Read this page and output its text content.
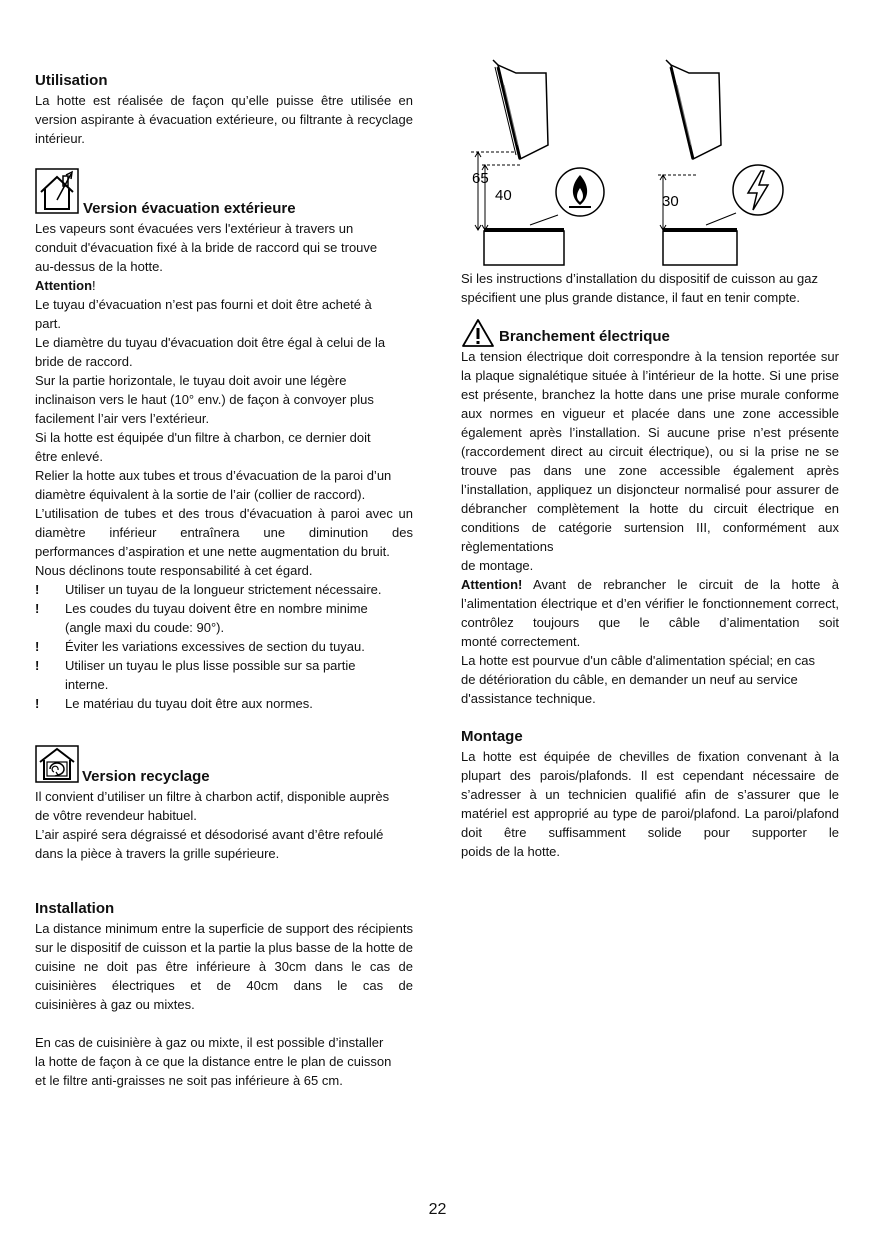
Utilisation

La hotte est réalisée de façon qu’elle puisse être utilisée en version aspirante à évacuation extérieure, ou filtrante à recyclage intérieur.

Version évacuation extérieure

Les vapeurs sont évacuées vers l'extérieur à travers un

conduit d'évacuation fixé à la bride de raccord qui se trouve

au-dessus de la hotte.

Attention!

Le tuyau d’évacuation n’est pas fourni et doit être acheté à

part.

Le diamètre du tuyau d'évacuation doit être égal à celui de la

bride de raccord.

Sur la partie horizontale, le tuyau doit avoir une légère

inclinaison vers le haut (10° env.) de façon à convoyer plus

facilement l’air vers l’extérieur.

Si la hotte est équipée d'un filtre à charbon, ce dernier doit

être enlevé.

Relier la hotte aux tubes et trous d’évacuation de la paroi d’un

diamètre équivalent à la sortie de l’air (collier de raccord).

L’utilisation de tubes et des trous d'évacuation à paroi avec un diamètre inférieur entraînera une diminution des

performances d’aspiration et une nette augmentation du bruit.

Nous déclinons toute responsabilité à cet égard.

!	Utiliser un tuyau de la longueur strictement nécessaire.
!	Les coudes du tuyau doivent être en nombre minime
(angle maxi du coude: 90°).
!	Éviter les variations excessives de section du tuyau.
!	Utiliser un tuyau le plus lisse possible sur sa partie
interne.
!	Le matériau du tuyau doit être aux normes.

Version recyclage

Il convient d’utiliser un filtre à charbon actif, disponible auprès

de vôtre revendeur habituel.

L’air aspiré sera dégraissé et désodorisé avant d’être refoulé

dans la pièce à travers la grille supérieure.

Installation

La distance minimum entre la superficie de support des récipients sur le dispositif de cuisson et la partie la plus basse de la hotte de cuisine ne doit pas être inférieure à 30cm dans le cas de cuisinières électriques et de 40cm dans le cas de

cuisinières à gaz ou mixtes.

En cas de cuisinière à gaz ou mixte, il est possible d’installer

la hotte de façon à ce que la distance entre le plan de cuisson

et le filtre anti-graisses ne soit pas inférieure à 65 cm.

65
40	30

Si les instructions d’installation du dispositif de cuisson au gaz

spécifient une plus grande distance, il faut en tenir compte.

Branchement électrique

La tension électrique doit correspondre à la tension reportée sur la plaque signalétique située à l’intérieur de la hotte. Si une prise est présente, branchez la hotte dans une prise murale conforme aux normes en vigueur et placée dans une zone accessible également après l’installation. Si aucune prise n’est présente (raccordement direct au circuit électrique), ou si la prise ne se trouve pas dans une zone accessible également après l’installation, appliquez un disjoncteur normalisé pour assurer de débrancher complètement la hotte du circuit électrique en conditions de catégorie surtension III, conformément aux règlementations

de montage.

Attention! Avant de rebrancher le circuit de la hotte à l’alimentation électrique et d’en vérifier le fonctionnement correct, contrôlez toujours que le câble d’alimentation soit

monté correctement.

La hotte est pourvue d'un câble d'alimentation spécial; en cas

de détérioration du câble, en demander un neuf au service

d'assistance technique.

Montage

La hotte est équipée de chevilles de fixation convenant à la plupart des parois/plafonds. Il est cependant nécessaire de s’adresser à un technicien qualifié afin de s’assurer que le matériel est approprié au type de paroi/plafond. La paroi/plafond doit être suffisamment solide pour supporter le

poids de la hotte.

22
